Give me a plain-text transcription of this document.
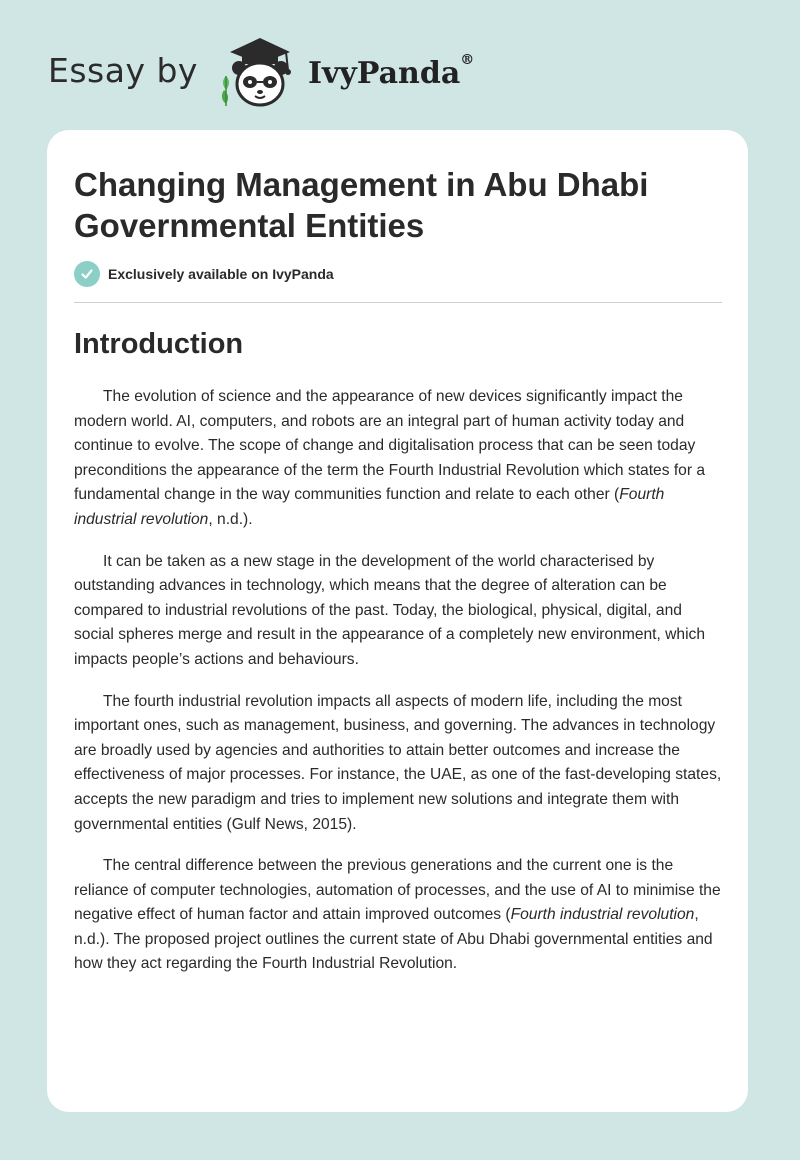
Essay by	IvyPanda®
Changing Management in Abu Dhabi Governmental Entities
Exclusively available on IvyPanda
Introduction

The evolution of science and the appearance of new devices significantly impact the modern world. AI, computers, and robots are an integral part of human activity today and continue to evolve. The scope of change and digitalisation process that can be seen today preconditions the appearance of the term the Fourth Industrial Revolution which states for a fundamental change in the way communities function and relate to each other (Fourth industrial revolution, n.d.).

It can be taken as a new stage in the development of the world characterised by outstanding advances in technology, which means that the degree of alteration can be compared to industrial revolutions of the past. Today, the biological, physical, digital, and social spheres merge and result in the appearance of a completely new environment, which impacts people’s actions and behaviours.

The fourth industrial revolution impacts all aspects of modern life, including the most important ones, such as management, business, and governing. The advances in technology are broadly used by agencies and authorities to attain better outcomes and increase the effectiveness of major processes. For instance, the UAE, as one of the fast-developing states, accepts the new paradigm and tries to implement new solutions and integrate them with governmental entities (Gulf News, 2015).

The central difference between the previous generations and the current one is the reliance of computer technologies, automation of processes, and the use of AI to minimise the negative effect of human factor and attain improved outcomes (Fourth industrial revolution, n.d.). The proposed project outlines the current state of Abu Dhabi governmental entities and how they act regarding the Fourth Industrial Revolution.
